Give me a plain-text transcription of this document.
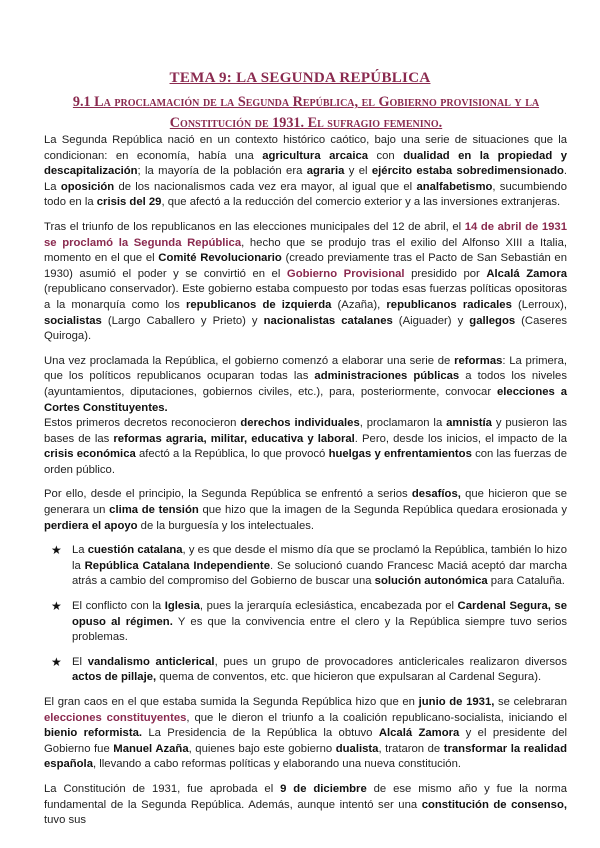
TEMA 9: LA SEGUNDA REPÚBLICA
9.1 La proclamación de la Segunda República, el Gobierno provisional y la Constitución de 1931. El sufragio femenino.

La Segunda República nació en un contexto histórico caótico, bajo una serie de situaciones que la condicionan: en economía, había una agricultura arcaica con dualidad en la propiedad y descapitalización; la mayoría de la población era agraria y el ejército estaba sobredimensionado. La oposición de los nacionalismos cada vez era mayor, al igual que el analfabetismo, sucumbiendo todo en la crisis del 29, que afectó a la reducción del comercio exterior y a las inversiones extranjeras.

Tras el triunfo de los republicanos en las elecciones municipales del 12 de abril, el 14 de abril de 1931 se proclamó la Segunda República, hecho que se produjo tras el exilio del Alfonso XIII a Italia, momento en el que el Comité Revolucionario (creado previamente tras el Pacto de San Sebastián en 1930) asumió el poder y se convirtió en el Gobierno Provisional presidido por Alcalá Zamora (republicano conservador). Este gobierno estaba compuesto por todas esas fuerzas políticas opositoras a la monarquía como los republicanos de izquierda (Azaña), republicanos radicales (Lerroux), socialistas (Largo Caballero y Prieto) y nacionalistas catalanes (Aiguader) y gallegos (Caseres Quiroga).

Una vez proclamada la República, el gobierno comenzó a elaborar una serie de reformas: La primera, que los políticos republicanos ocuparan todas las administraciones públicas a todos los niveles (ayuntamientos, diputaciones, gobiernos civiles, etc.), para, posteriormente, convocar elecciones a Cortes Constituyentes.

Estos primeros decretos reconocieron derechos individuales, proclamaron la amnistía y pusieron las bases de las reformas agraria, militar, educativa y laboral. Pero, desde los inicios, el impacto de la crisis económica afectó a la República, lo que provocó huelgas y enfrentamientos con las fuerzas de orden público.

Por ello, desde el principio, la Segunda República se enfrentó a serios desafíos, que hicieron que se generara un clima de tensión que hizo que la imagen de la Segunda República quedara erosionada y perdiera el apoyo de la burguesía y los intelectuales.

★ La cuestión catalana, y es que desde el mismo día que se proclamó la República, también lo hizo la República Catalana Independiente. Se solucionó cuando Francesc Maciá aceptó dar marcha atrás a cambio del compromiso del Gobierno de buscar una solución autonómica para Cataluña.

★ El conflicto con la Iglesia, pues la jerarquía eclesiástica, encabezada por el Cardenal Segura, se opuso al régimen. Y es que la convivencia entre el clero y la República siempre tuvo serios problemas.

★ El vandalismo anticlerical, pues un grupo de provocadores anticlericales realizaron diversos actos de pillaje, quema de conventos, etc. que hicieron que expulsaran al Cardenal Segura).

El gran caos en el que estaba sumida la Segunda República hizo que en junio de 1931, se celebraran elecciones constituyentes, que le dieron el triunfo a la coalición republicano-socialista, iniciando el bienio reformista. La Presidencia de la República la obtuvo Alcalá Zamora y el presidente del Gobierno fue Manuel Azaña, quienes bajo este gobierno dualista, trataron de transformar la realidad española, llevando a cabo reformas políticas y elaborando una nueva constitución.

La Constitución de 1931, fue aprobada el 9 de diciembre de ese mismo año y fue la norma fundamental de la Segunda República. Además, aunque intentó ser una constitución de consenso, tuvo sus
